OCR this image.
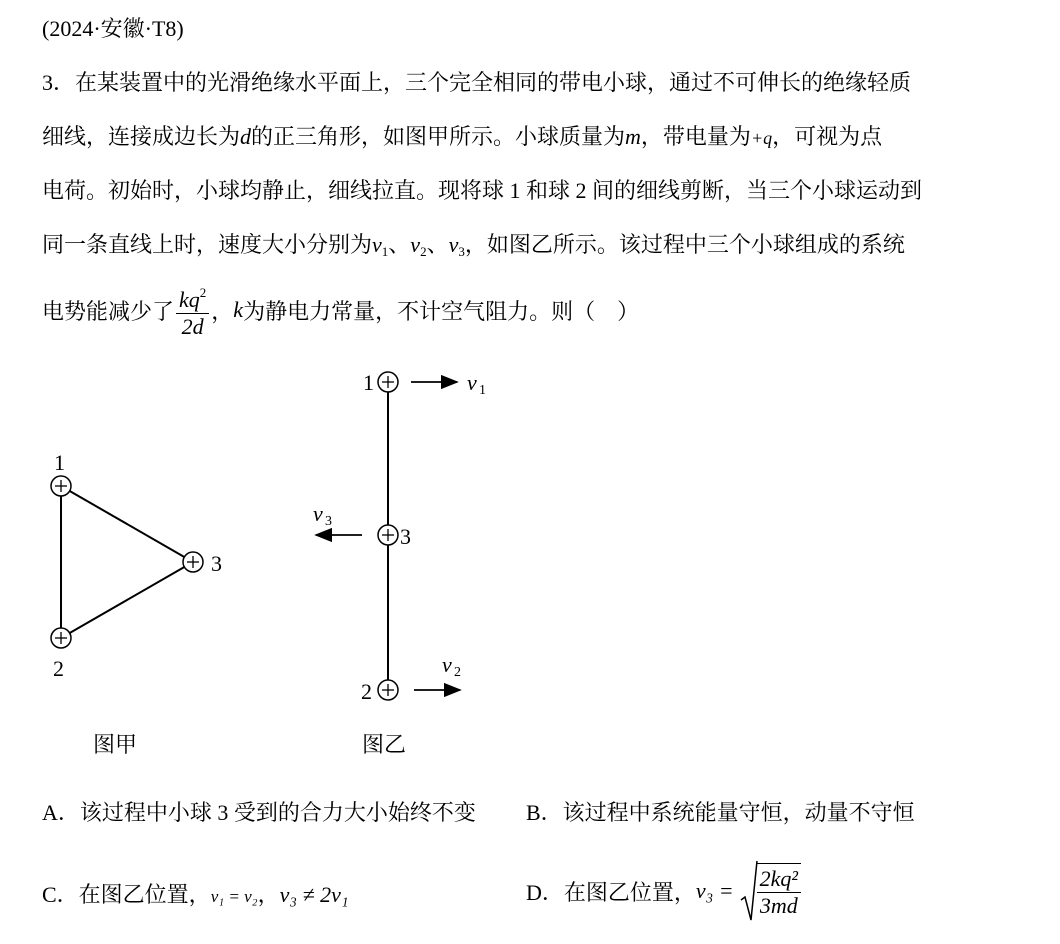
(2024·安徽·T8)
3．在某装置中的光滑绝缘水平面上，三个完全相同的带电小球，通过不可伸长的绝缘轻质
细线，连接成边长为d的正三角形，如图甲所示。小球质量为m，带电量为+q，可视为点
电荷。初始时，小球均静止，细线拉直。现将球 1 和球 2 间的细线剪断，当三个小球运动到
同一条直线上时，速度大小分别为v1、v2、v3，如图乙所示。该过程中三个小球组成的系统
电势能减少了 $\frac{kq^2}{2d}$ ， k 为静电力常量，不计空气阻力。则（　）
1
2
3
1
3
2
v 1
v 3
v 2
图甲	图乙
A．该过程中小球 3 受到的合力大小始终不变 B．该过程中系统能量守恒，动量不守恒
C．在图乙位置，v₁ = v₂，v₃ ≠ 2v₁	D．在图乙位置， $v_3 = \frac{\text{2kq²}}{3md}$
